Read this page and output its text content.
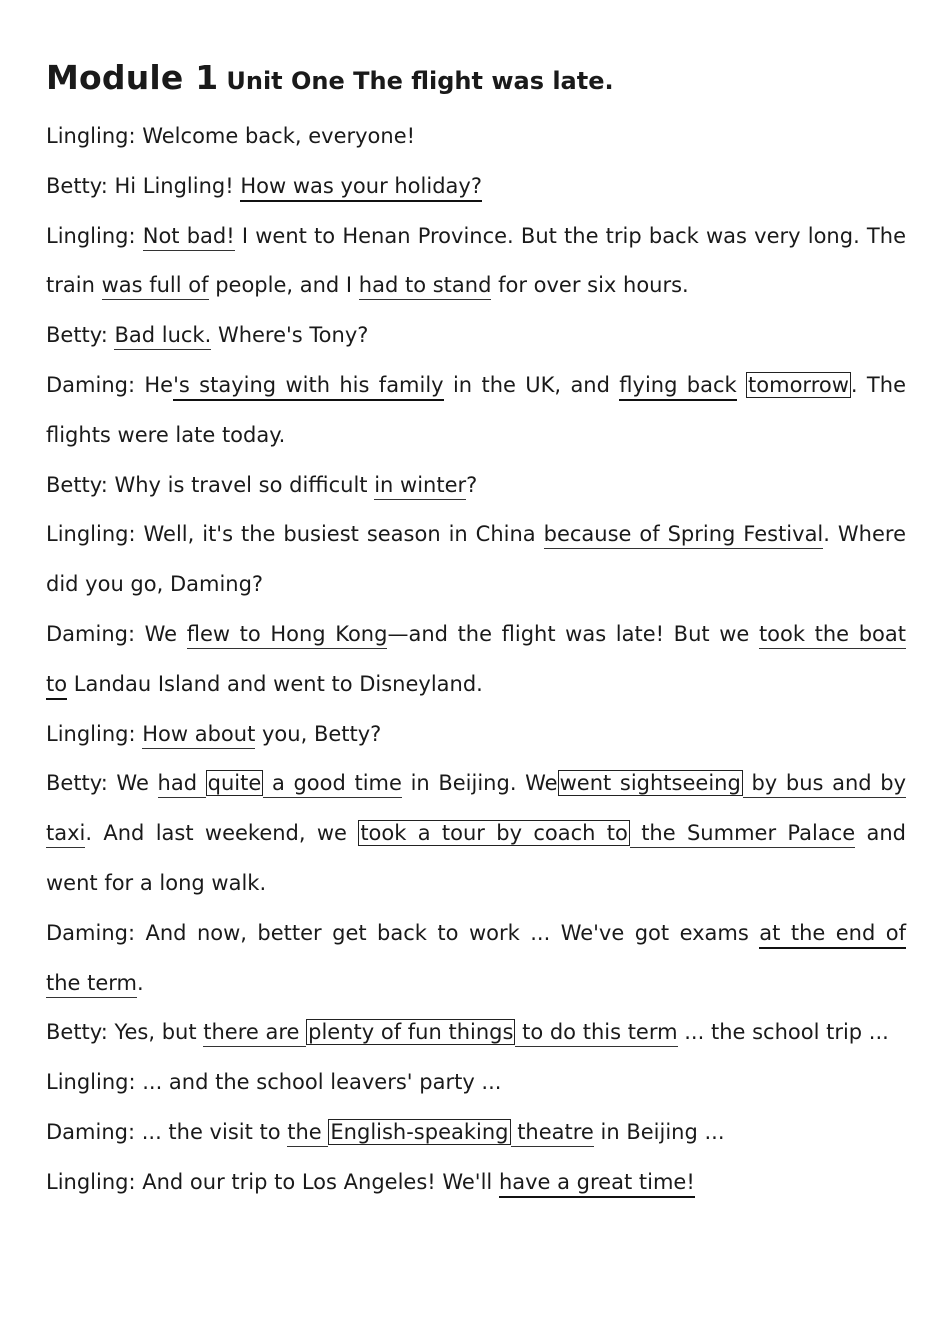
Module 1 Unit One The flight was late.
Lingling: Welcome back, everyone!
Betty: Hi Lingling! How was your holiday?
Lingling: Not bad! I went to Henan Province. But the trip back was very long. The
train was full of people, and I had to stand for over six hours.
Betty: Bad luck. Where's Tony?
Daming: He's staying with his family in the UK, and flying back tomorrow. The
flights were late today.
Betty: Why is travel so difficult in winter?
Lingling: Well, it's the busiest season in China because of Spring Festival. Where
did you go, Daming?
Daming: We flew to Hong Kong—and the flight was late! But we took the boat
to Landau Island and went to Disneyland.
Lingling: How about you, Betty?
Betty: We had quite a good time in Beijing. Wewent sightseeing by bus and by
taxi. And last weekend, we took a tour by coach to the Summer Palace and
went for a long walk.
Daming: And now, better get back to work ... We've got exams at the end of
the term.
Betty: Yes, but there are plenty of fun things to do this term ... the school trip ...
Lingling: ... and the school leavers' party ...
Daming: ... the visit to the English-speaking theatre in Beijing ...
Lingling: And our trip to Los Angeles! We'll have a great time!
